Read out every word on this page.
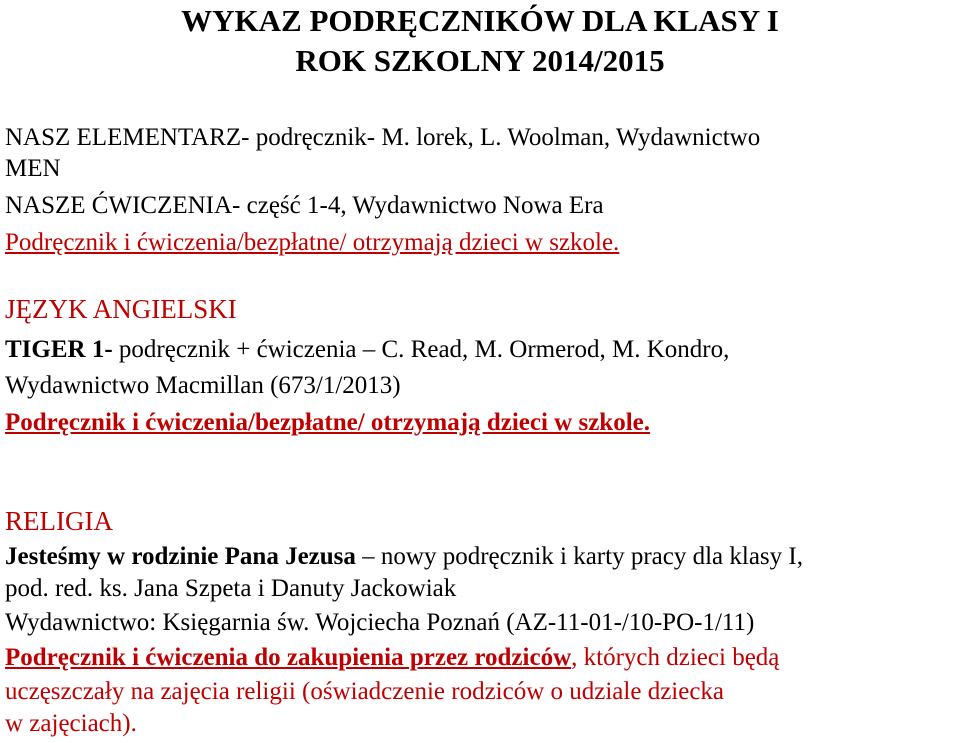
WYKAZ PODRĘCZNIKÓW DLA KLASY I
ROK SZKOLNY 2014/2015
NASZ ELEMENTARZ- podręcznik- M. lorek, L. Woolman, Wydawnictwo
MEN
NASZE ĆWICZENIA- część 1-4, Wydawnictwo Nowa Era
Podręcznik i ćwiczenia/bezpłatne/ otrzymają dzieci w szkole.
JĘZYK ANGIELSKI
TIGER 1- podręcznik + ćwiczenia – C. Read, M. Ormerod, M. Kondro,
Wydawnictwo Macmillan (673/1/2013)
Podręcznik i ćwiczenia/bezpłatne/ otrzymają dzieci w szkole.
RELIGIA
Jesteśmy w rodzinie Pana Jezusa – nowy podręcznik i karty pracy dla klasy I,
pod. red. ks. Jana Szpeta i Danuty Jackowiak
Wydawnictwo: Księgarnia św. Wojciecha Poznań (AZ-11-01-/10-PO-1/11)
Podręcznik i ćwiczenia do zakupienia przez rodziców, których dzieci będą
uczęszczały na zajęcia religii (oświadczenie rodziców o udziale dziecka
w zajęciach).
